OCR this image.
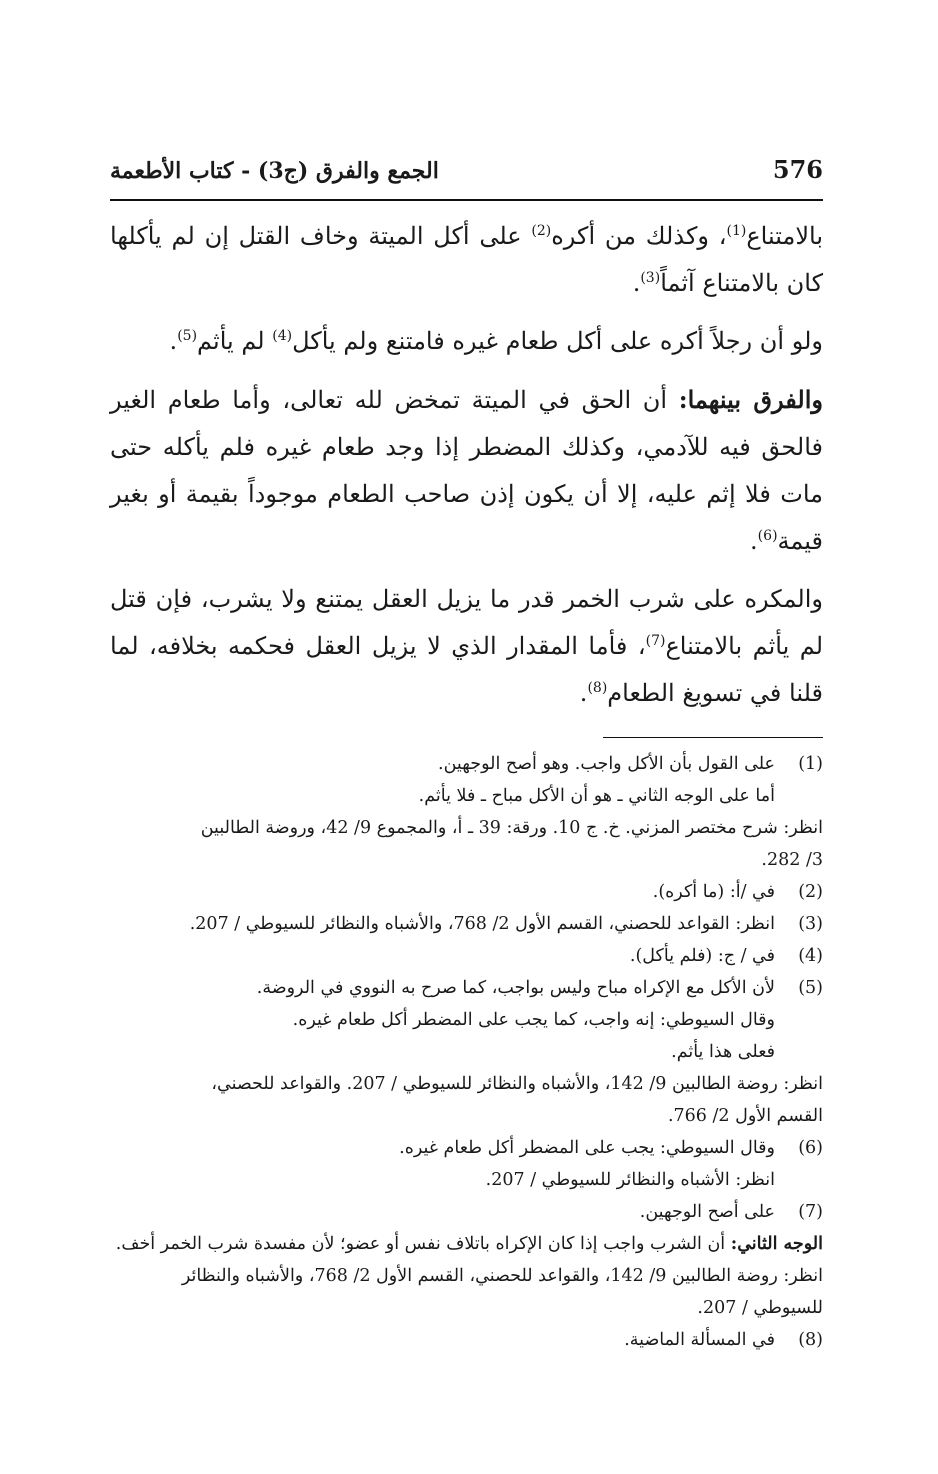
576
الجمع والفرق (ج3) - كتاب الأطعمة

بالامتناع$^{(1)}$، وكذلك من أكره$^{(2)}$ على أكل الميتة وخاف القتل إن لم يأكلها كان بالامتناع آثماً$^{(3)}$.

ولو أن رجلاً أكره على أكل طعام غيره فامتنع ولم يأكل$^{(4)}$ لم يأثم$^{(5)}$.

والفرق بينهما: أن الحق في الميتة تمخض لله تعالى، وأما طعام الغير فالحق فيه للآدمي، وكذلك المضطر إذا وجد طعام غيره فلم يأكله حتى مات فلا إثم عليه، إلا أن يكون إذن صاحب الطعام موجوداً بقيمة أو بغير قيمة$^{(6)}$.

والمكره على شرب الخمر قدر ما يزيل العقل يمتنع ولا يشرب، فإن قتل لم يأثم بالامتناع$^{(7)}$، فأما المقدار الذي لا يزيل العقل فحكمه بخلافه، لما قلنا في تسويغ الطعام$^{(8)}$.

(1)
على القول بأن الأكل واجب. وهو أصح الوجهين.
أما على الوجه الثاني ـ هو أن الأكل مباح ـ فلا يأثم.
انظر: شرح مختصر المزني. خ. ج 10. ورقة: 39 ـ أ، والمجموع 9/ 42، وروضة الطالبين
3/ 282.
(2)
في /أ: (ما أكره).
(3)
انظر: القواعد للحصني، القسم الأول 2/ 768، والأشباه والنظائر للسيوطي / 207.
(4)
في / ج: (فلم يأكل).
(5)
لأن الأكل مع الإكراه مباح وليس بواجب، كما صرح به النووي في الروضة.
وقال السيوطي: إنه واجب، كما يجب على المضطر أكل طعام غيره.
فعلى هذا يأثم.
انظر: روضة الطالبين 9/ 142، والأشباه والنظائر للسيوطي / 207. والقواعد للحصني،
القسم الأول 2/ 766.
(6)
وقال السيوطي: يجب على المضطر أكل طعام غيره.
انظر: الأشباه والنظائر للسيوطي / 207.
(7)
على أصح الوجهين.
الوجه الثاني: أن الشرب واجب إذا كان الإكراه باتلاف نفس أو عضو؛ لأن مفسدة شرب الخمر أخف.
انظر: روضة الطالبين 9/ 142، والقواعد للحصني، القسم الأول 2/ 768، والأشباه والنظائر للسيوطي / 207.
(8)
في المسألة الماضية.
